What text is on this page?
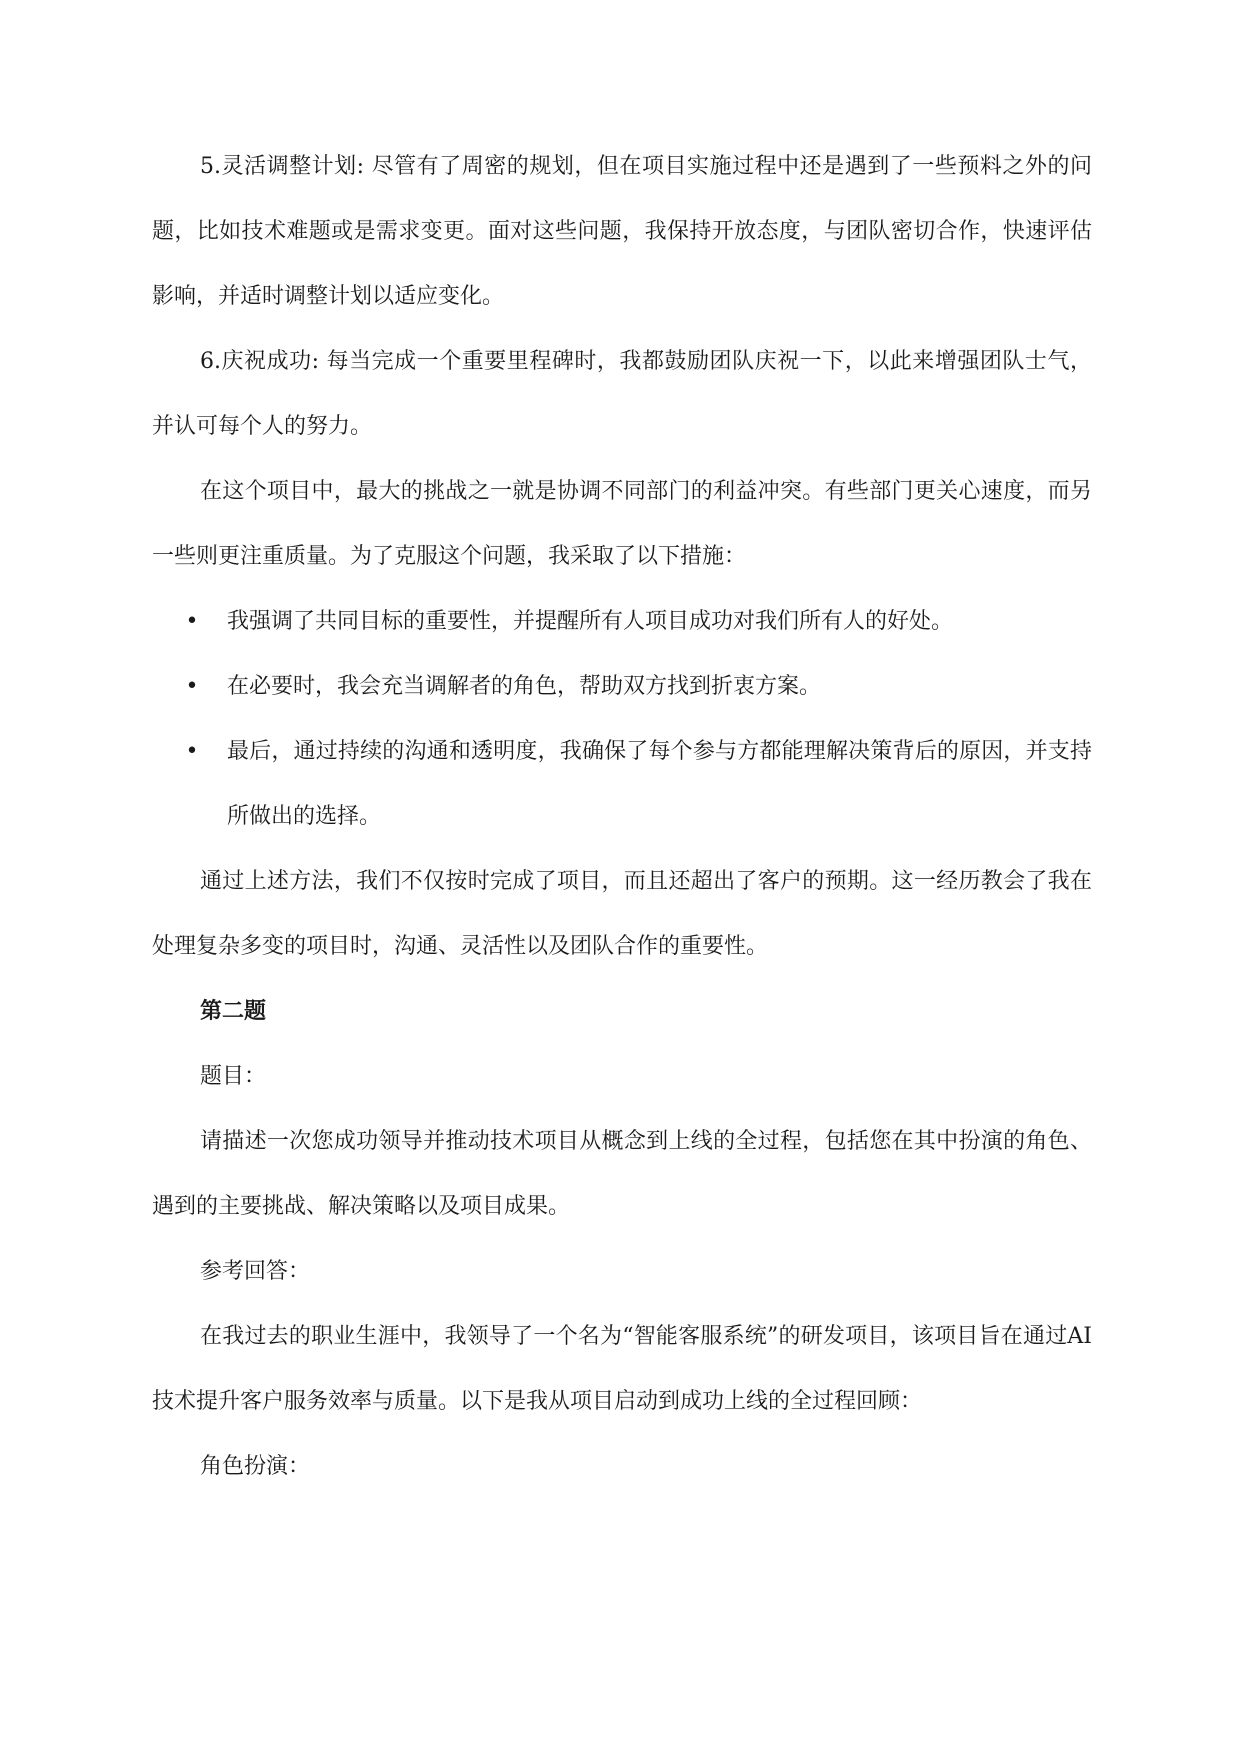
5.灵活调整计划: 尽管有了周密的规划，但在项目实施过程中还是遇到了一些预料之外的问题，比如技术难题或是需求变更。面对这些问题，我保持开放态度，与团队密切合作，快速评估影响，并适时调整计划以适应变化。

6.庆祝成功: 每当完成一个重要里程碑时，我都鼓励团队庆祝一下，以此来增强团队士气，并认可每个人的努力。

在这个项目中，最大的挑战之一就是协调不同部门的利益冲突。有些部门更关心速度，而另一些则更注重质量。为了克服这个问题，我采取了以下措施：

• 我强调了共同目标的重要性，并提醒所有人项目成功对我们所有人的好处。
• 在必要时，我会充当调解者的角色，帮助双方找到折衷方案。
• 最后，通过持续的沟通和透明度，我确保了每个参与方都能理解决策背后的原因，并支持所做出的选择。

通过上述方法，我们不仅按时完成了项目，而且还超出了客户的预期。这一经历教会了我在处理复杂多变的项目时，沟通、灵活性以及团队合作的重要性。

第二题

题目：

请描述一次您成功领导并推动技术项目从概念到上线的全过程，包括您在其中扮演的角色、遇到的主要挑战、解决策略以及项目成果。

参考回答：

在我过去的职业生涯中，我领导了一个名为“智能客服系统”的研发项目，该项目旨在通过AI技术提升客户服务效率与质量。以下是我从项目启动到成功上线的全过程回顾：

角色扮演：
